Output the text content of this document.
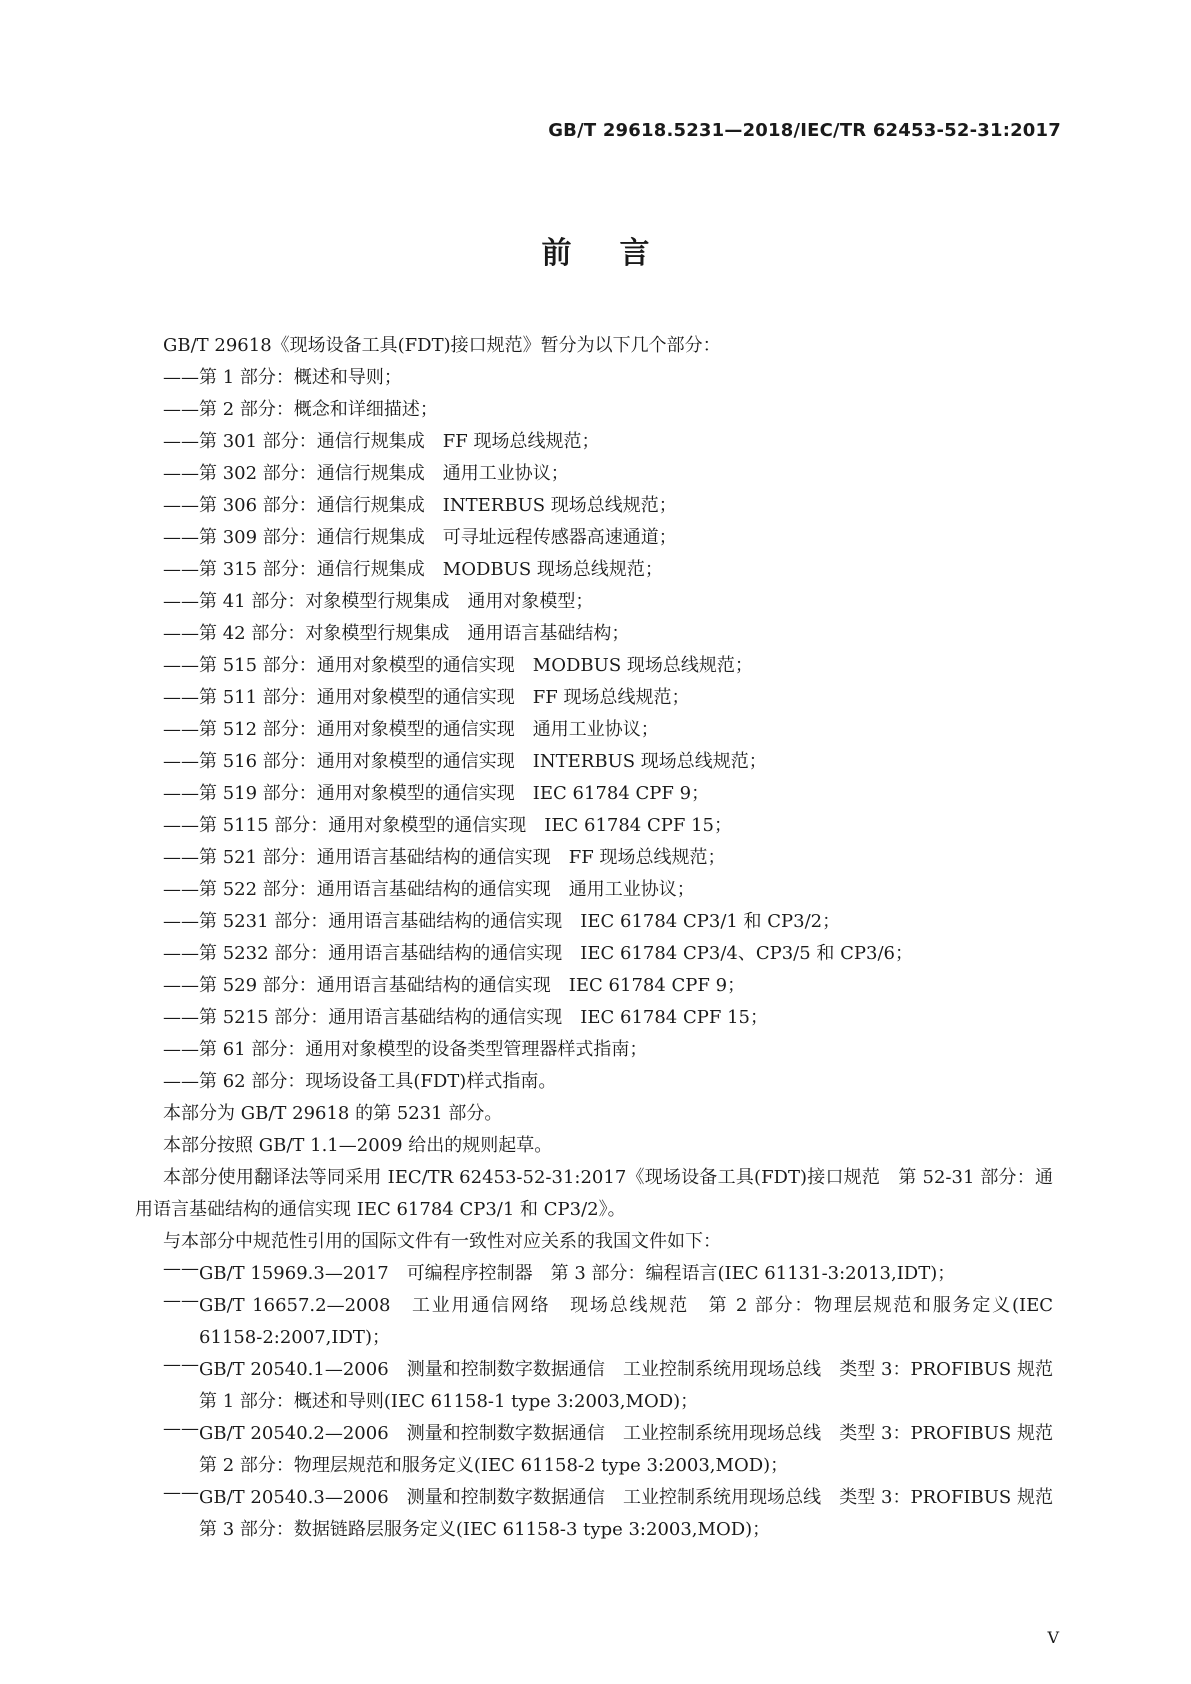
GB/T 29618.5231—2018/IEC/TR 62453-52-31:2017
前言
GB/T 29618《现场设备工具(FDT)接口规范》暂分为以下几个部分：
——第 1 部分：概述和导则；
——第 2 部分：概念和详细描述；
——第 301 部分：通信行规集成　FF 现场总线规范；
——第 302 部分：通信行规集成　通用工业协议；
——第 306 部分：通信行规集成　INTERBUS 现场总线规范；
——第 309 部分：通信行规集成　可寻址远程传感器高速通道；
——第 315 部分：通信行规集成　MODBUS 现场总线规范；
——第 41 部分：对象模型行规集成　通用对象模型；
——第 42 部分：对象模型行规集成　通用语言基础结构；
——第 515 部分：通用对象模型的通信实现　MODBUS 现场总线规范；
——第 511 部分：通用对象模型的通信实现　FF 现场总线规范；
——第 512 部分：通用对象模型的通信实现　通用工业协议；
——第 516 部分：通用对象模型的通信实现　INTERBUS 现场总线规范；
——第 519 部分：通用对象模型的通信实现　IEC 61784 CPF 9；
——第 5115 部分：通用对象模型的通信实现　IEC 61784 CPF 15；
——第 521 部分：通用语言基础结构的通信实现　FF 现场总线规范；
——第 522 部分：通用语言基础结构的通信实现　通用工业协议；
——第 5231 部分：通用语言基础结构的通信实现　IEC 61784 CP3/1 和 CP3/2；
——第 5232 部分：通用语言基础结构的通信实现　IEC 61784 CP3/4、CP3/5 和 CP3/6；
——第 529 部分：通用语言基础结构的通信实现　IEC 61784 CPF 9；
——第 5215 部分：通用语言基础结构的通信实现　IEC 61784 CPF 15；
——第 61 部分：通用对象模型的设备类型管理器样式指南；
——第 62 部分：现场设备工具(FDT)样式指南。
本部分为 GB/T 29618 的第 5231 部分。
本部分按照 GB/T 1.1—2009 给出的规则起草。
本部分使用翻译法等同采用 IEC/TR 62453-52-31:2017《现场设备工具(FDT)接口规范　第 52-31 部分：通用语言基础结构的通信实现 IEC 61784 CP3/1 和 CP3/2》。
与本部分中规范性引用的国际文件有一致性对应关系的我国文件如下：
—— GB/T 15969.3—2017　可编程序控制器　第 3 部分：编程语言(IEC 61131-3:2013,IDT)；
—— GB/T 16657.2—2008　工业用通信网络　现场总线规范　第 2 部分：物理层规范和服务定义(IEC 61158-2:2007,IDT)；
—— GB/T 20540.1—2006　测量和控制数字数据通信　工业控制系统用现场总线　类型 3：PROFIBUS 规范　第 1 部分：概述和导则(IEC 61158-1 type 3:2003,MOD)；
—— GB/T 20540.2—2006　测量和控制数字数据通信　工业控制系统用现场总线　类型 3：PROFIBUS 规范　第 2 部分：物理层规范和服务定义(IEC 61158-2 type 3:2003,MOD)；
—— GB/T 20540.3—2006　测量和控制数字数据通信　工业控制系统用现场总线　类型 3：PROFIBUS 规范　第 3 部分：数据链路层服务定义(IEC 61158-3 type 3:2003,MOD)；
V
